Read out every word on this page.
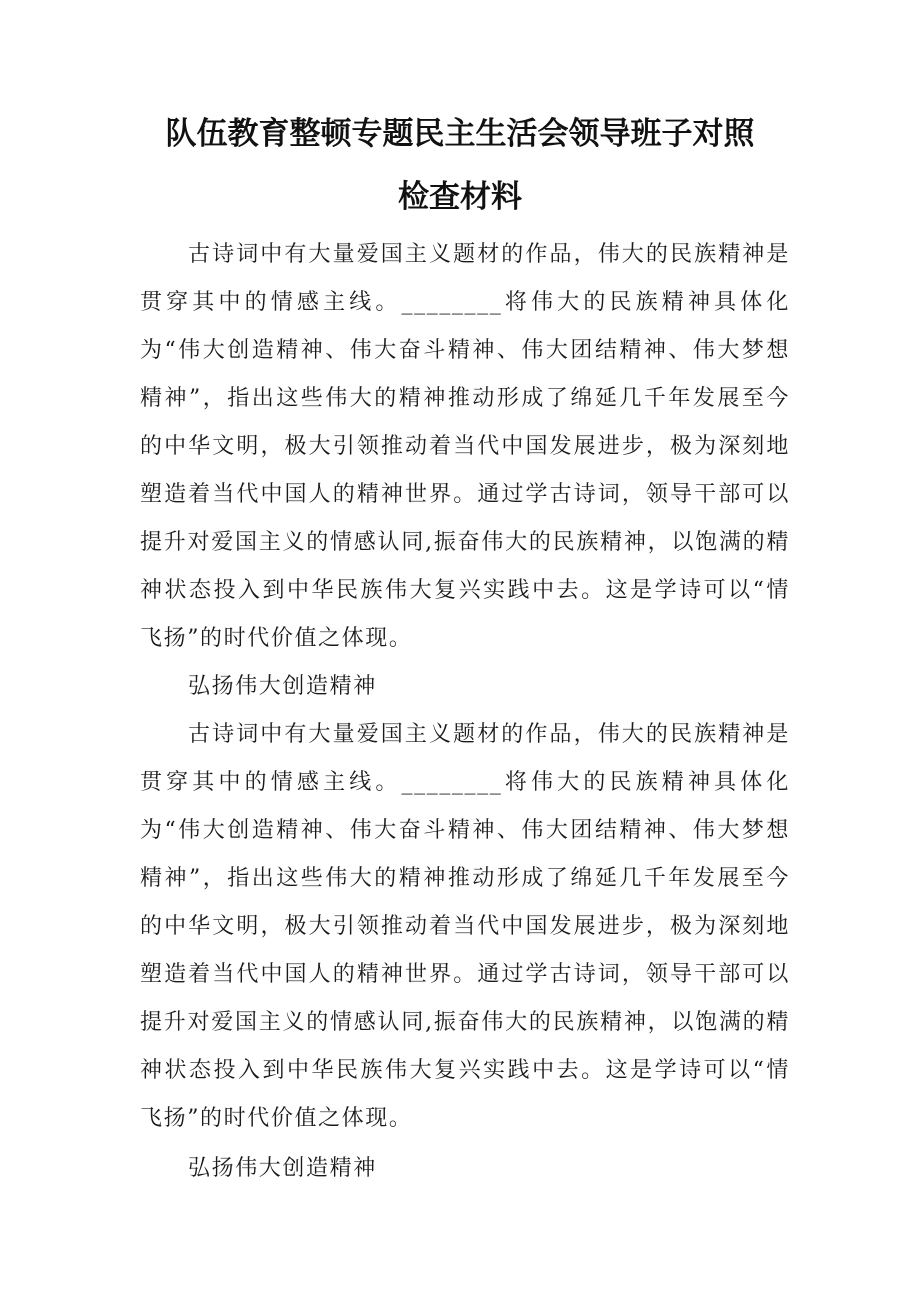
队伍教育整顿专题民主生活会领导班子对照
检查材料

古诗词中有大量爱国主义题材的作品，伟大的民族精神是贯穿其中的情感主线。________将伟大的民族精神具体化为“伟大创造精神、伟大奋斗精神、伟大团结精神、伟大梦想精神”，指出这些伟大的精神推动形成了绵延几千年发展至今的中华文明，极大引领推动着当代中国发展进步，极为深刻地塑造着当代中国人的精神世界。通过学古诗词，领导干部可以提升对爱国主义的情感认同,振奋伟大的民族精神，以饱满的精神状态投入到中华民族伟大复兴实践中去。这是学诗可以“情飞扬”的时代价值之体现。

弘扬伟大创造精神

古诗词中有大量爱国主义题材的作品，伟大的民族精神是贯穿其中的情感主线。________将伟大的民族精神具体化为“伟大创造精神、伟大奋斗精神、伟大团结精神、伟大梦想精神”，指出这些伟大的精神推动形成了绵延几千年发展至今的中华文明，极大引领推动着当代中国发展进步，极为深刻地塑造着当代中国人的精神世界。通过学古诗词，领导干部可以提升对爱国主义的情感认同,振奋伟大的民族精神，以饱满的精神状态投入到中华民族伟大复兴实践中去。这是学诗可以“情飞扬”的时代价值之体现。

弘扬伟大创造精神
